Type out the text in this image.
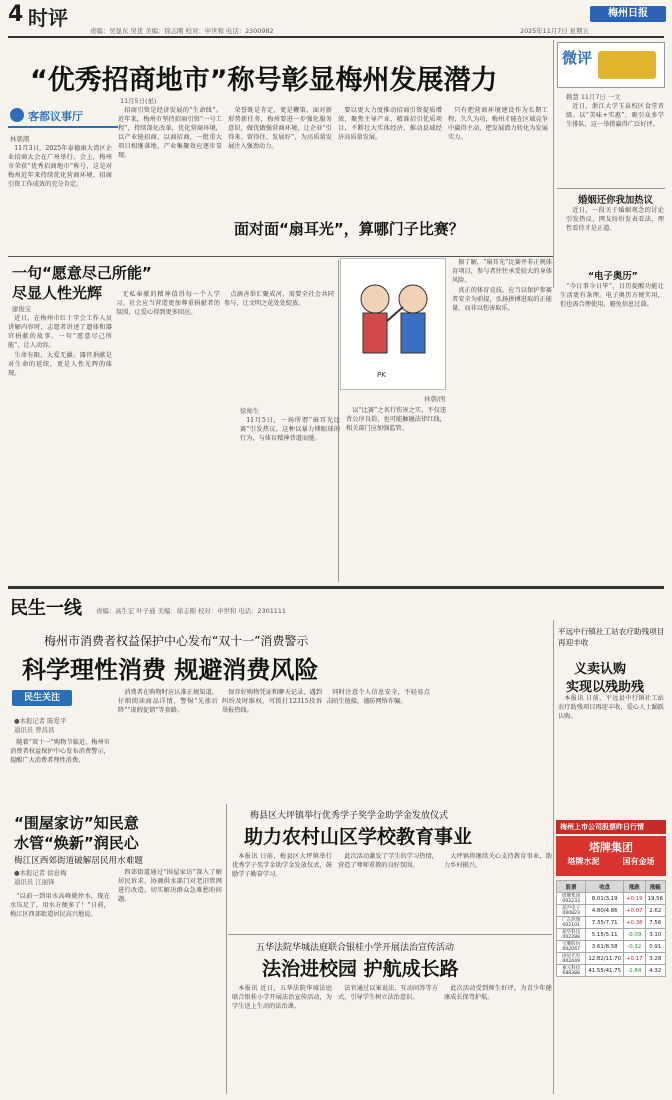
4 时评
责编：吴显东 吴优 美编：徐志刚 校对：申世和 电话：2300982
梅州日报
2025年11月7日 星期五
“优秀招商地市”称号彰显梅州发展潜力
客都议事厅
林朝潮
11月5日(星)

11月3日，2025年泰德康大湾区企业招商大会在广州举行。会上，梅州市荣获“优秀招商地市”称号，这是对梅州近年来持续优化营商环境、招商引资工作成效的充分肯定。

招商引资是经济发展的“生命线”。近年来，梅州市坚持招商引资“一号工程”，持续深化改革，优化营商环境，以产业链招商、以商招商，一批重大项目相继落地，产业集聚效应逐步显现。

荣誉既是肯定，更是鞭策。面对新形势新任务，梅州要进一步强化服务意识，做优做强营商环境，让企业“引得来、留得住、发展好”，为高质量发展注入强劲动力。

要以更大力度推动招商引资提质增效，聚焦主导产业，精准招引优质项目，不断壮大实体经济，推动县域经济高质量发展。

只有把营商环境建设作为长期工程，久久为功，梅州才能在区域竞争中赢得主动，把发展潜力转化为发展实力。

微评
赖慧 11月7日 一文

近日，浙江大学玉泉校区食堂晋级。以“美味+实惠”，吸引众多学生排队，这一举措赢得广泛好评。

婚姻还你我加热议

近日，一段关于婚姻观念的讨论引发热议，网友纷纷发表看法，理性看待才是正道。

“电子奥历”
一句“愿意尽己所能”
尽显人性光辉
廖俊宝

近日，在梅州市红十字会工作人员讲解内容时，志愿者讲述了遗体和器官捐献的故事。一句“愿意尽己所能”，让人动容。

生命有限，大爱无疆。器官捐献是对生命的延续，更是人性光辉的体现。

无私奉献的精神值得每一个人学习。社会应当营造更加尊重捐献者的氛围，让爱心得到更多回应。

点滴善举汇聚成河，需要全社会共同参与，让文明之花处处绽放。

面对面“扇耳光”，算哪门子比赛？
PK
林朝/图
徐帅生

11月5日，一场所谓“扇耳光比赛”引发热议。这种以暴力博眼球的行为，与体育精神背道而驰。

以“比赛”之名行伤害之实，不仅违背公序良俗，也可能触碰法律红线，相关部门应加强监管。

据了解，“扇耳光”比赛并非正规体育项目，参与者往往承受较大的身体风险。

真正的体育竞技，应当以保护参赛者安全为前提，弘扬拼搏进取的正能量，而非以伤害取乐。

“今日事今日毕”，日历提醒功能让生活更有条理。电子奥历方便实用，但也需合理使用，避免信息过载。

民生一线 责编：高生宏 叶子通 美编：徐志刚 校对：申世和 电话：2301111
梅州市消费者权益保护中心发布“双十一”消费警示
科学理性消费 规避消费风险
民生关注
●本报记者 陈爱平
通讯员 曾昌昌

随着“双十一”购物节临近，梅州市消费者权益保护中心发布消费警示，提醒广大消费者理性消费。

消费者在购物时应认准正规渠道，仔细阅读商品详情，警惕“先涨后降”“虚假促销”等套路。

保存好购物凭证和聊天记录，遇到纠纷及时维权，可拨打12315投诉举报热线。

同时注意个人信息安全，不轻易点击陌生链接，谨防网络诈骗。

“围屋家访”知民意
水管“焕新”润民心
梅江区西郊街道破解居民用水难题
●本报记者 徐意梅
通讯员 江丽锋

“以前一到用水高峰就停水，现在水压足了，用水方便多了！”日前，梅江区西郊街道居民高兴地说。

西郊街道通过“围屋家访”深入了解居民诉求，协调供水部门对老旧管网进行改造，切实解决群众急难愁盼问题。

梅县区大坪镇举行优秀学子奖学金助学金发放仪式
助力农村山区学校教育事业

本报讯 日前，梅县区大坪镇举行优秀学子奖学金助学金发放仪式，鼓励学子勤奋学习。

此次活动激发了学生的学习热情，营造了尊师重教的良好氛围。

大坪镇将继续关心支持教育事业，助力乡村振兴。

五华法院华城法庭联合银桂小学开展法治宣传活动
法治进校园 护航成长路

本报讯 近日，五华法院华城法庭联合银桂小学开展法治宣传活动，为学生送上生动的法治课。

法官通过以案说法、互动问答等方式，引导学生树立法治意识。

此次活动受到师生好评，为青少年健康成长保驾护航。

平远中行镇社工站农疗助残项目再迎丰收
义卖认购
实现以残助残

本报讯 日前，平远县中行镇社工站农疗助残项目再迎丰收，爱心人士踊跃认购。

梅州上市公司股票昨日行情
塔牌集团
塔牌水泥	国有金场
股票	收盘	涨跌	涨幅
塔牌集团 002233	8.01/3.19	+0.19	19.56
超声电子 000823	4.80/4.86	+0.07	2.62
广东鸿图 002101	7.35/7.71	+0.38	7.56
超华科技 002288	5.15/5.11	-0.09	3.10
宝鹰股份 002047	3.61/8.58	-0.32	0.91
国星光电 002449	12.82/11.70	+0.17	3.28
嘉元科技 688388	41.55/41.75	-1.84	4.32
